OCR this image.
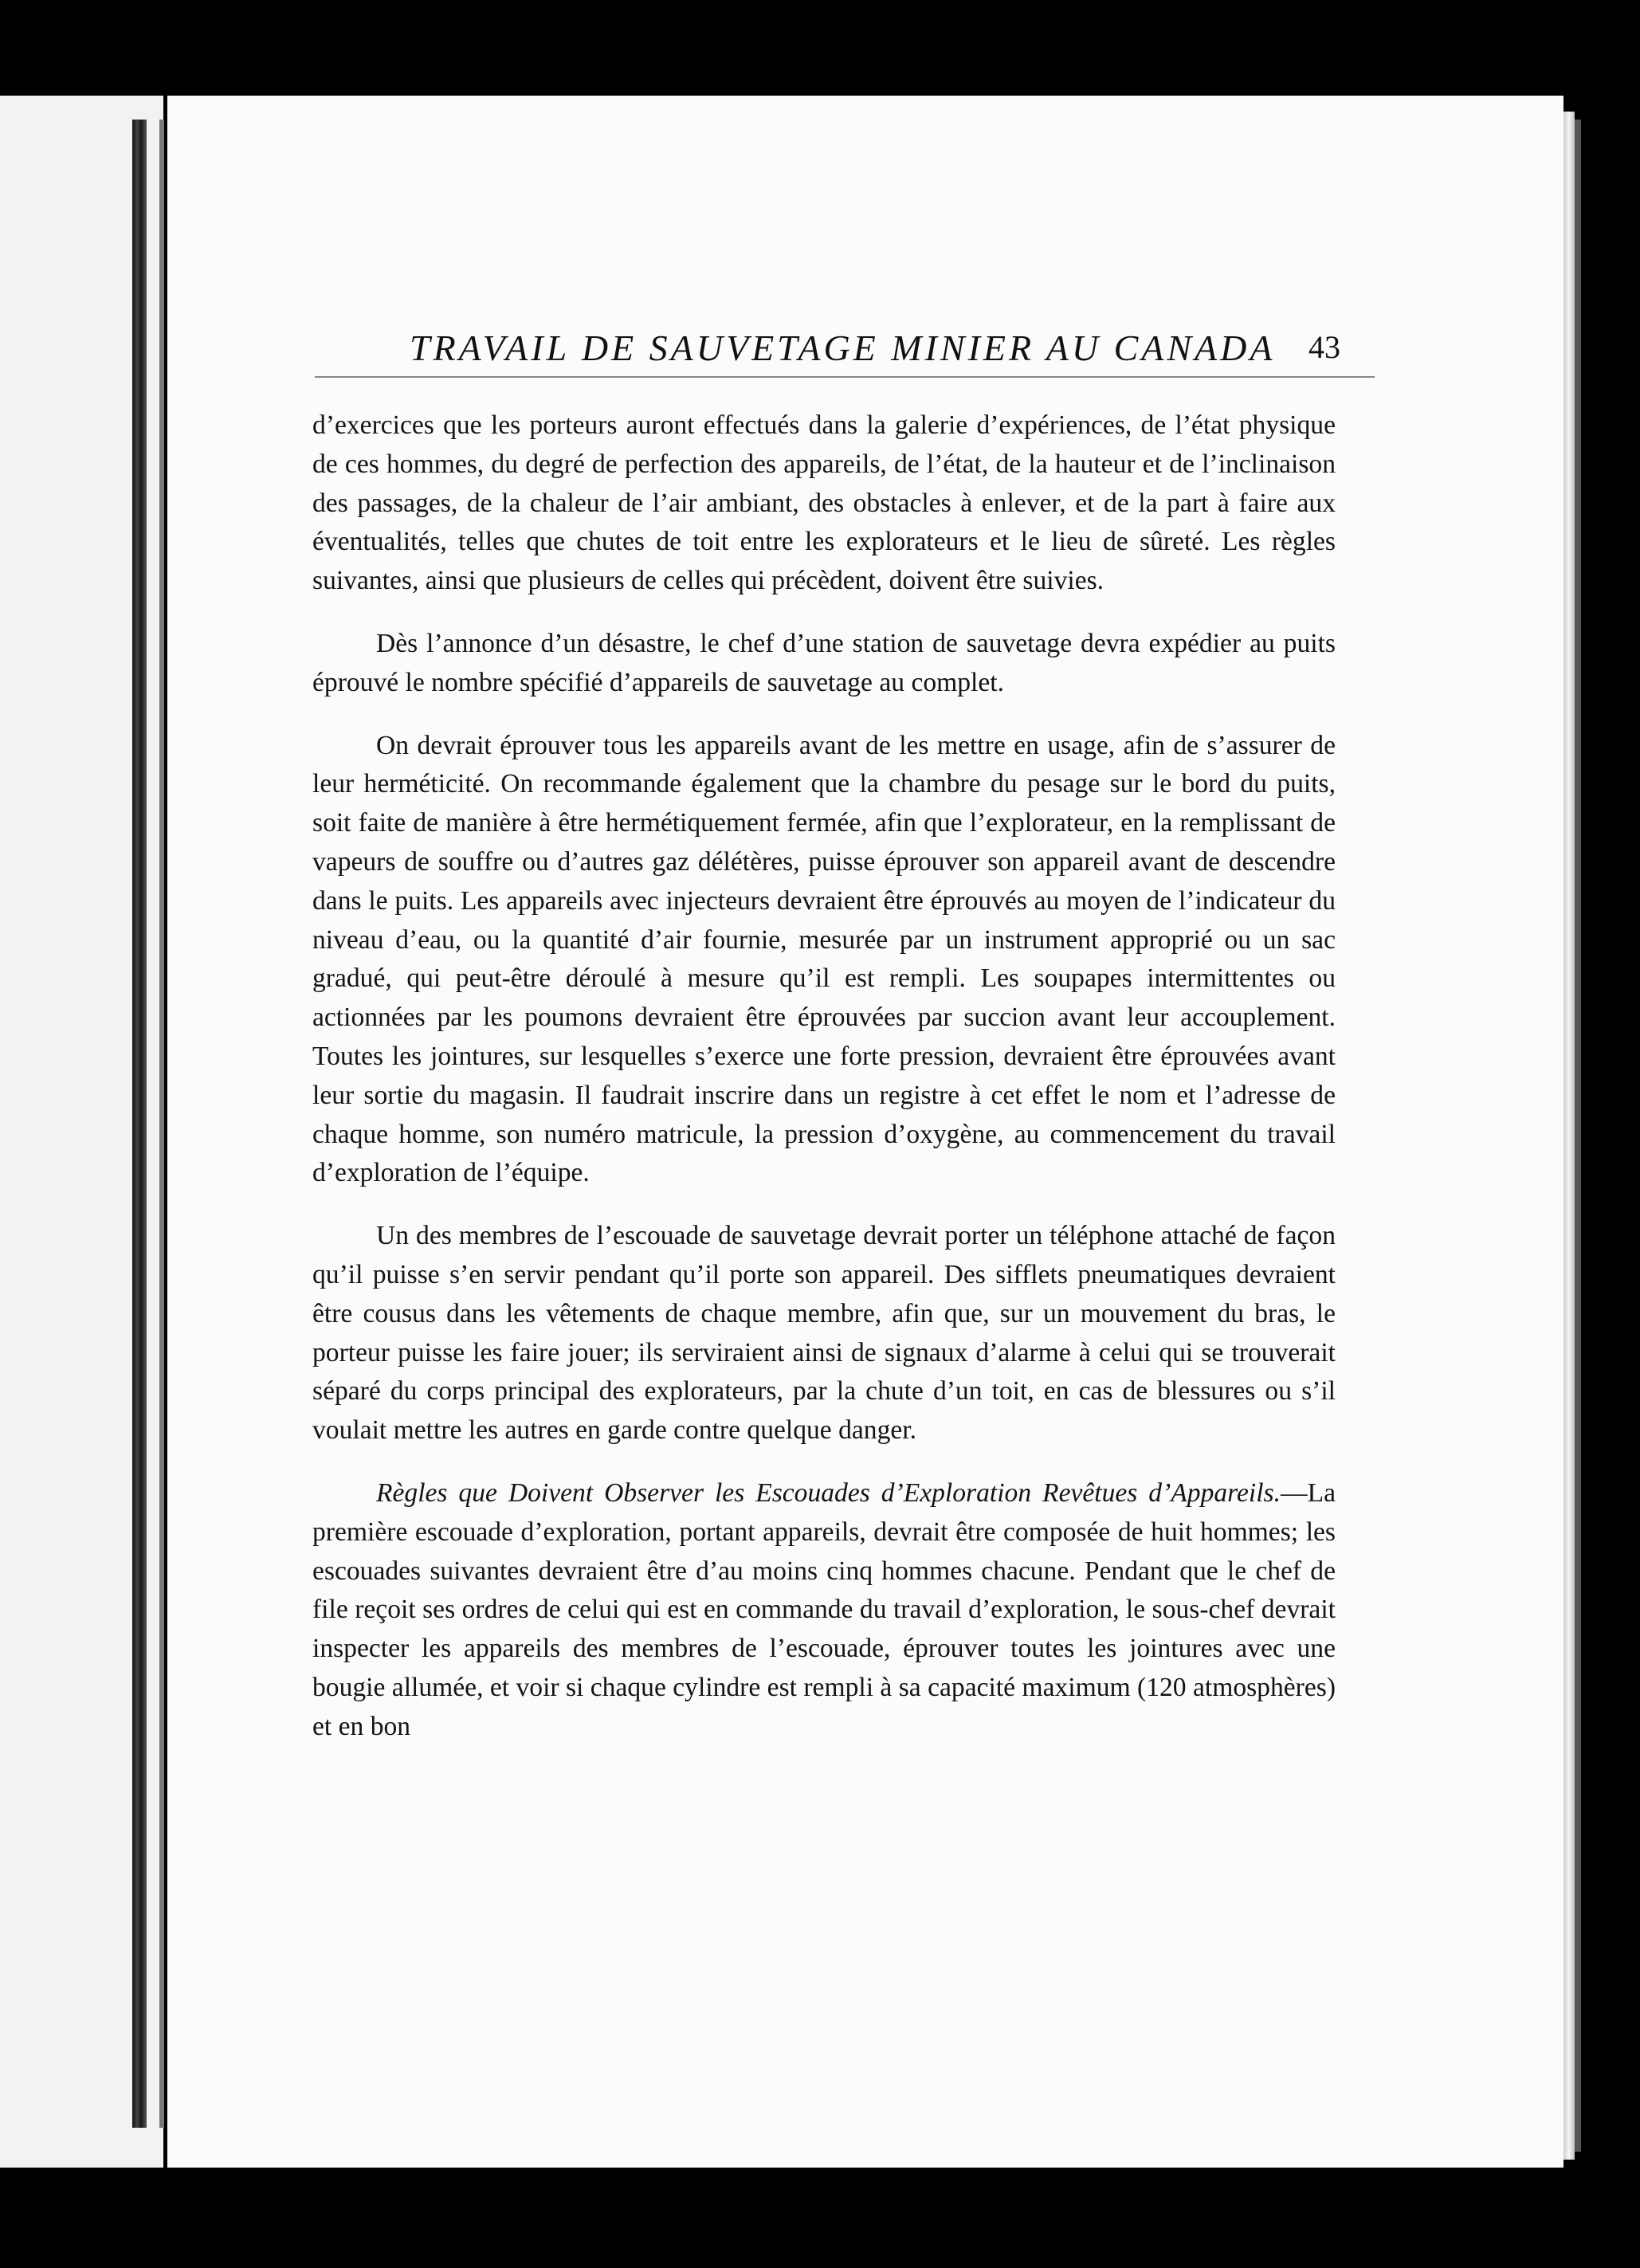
TRAVAIL DE SAUVETAGE MINIER AU CANADA 43

d’exercices que les porteurs auront effectués dans la galerie d’expériences, de l’état physique de ces hommes, du degré de perfection des appareils, de l’état, de la hauteur et de l’inclinaison des passages, de la chaleur de l’air ambiant, des obstacles à enlever, et de la part à faire aux éventualités, telles que chutes de toit entre les explorateurs et le lieu de sûreté. Les règles suivantes, ainsi que plusieurs de celles qui précèdent, doivent être suivies.

Dès l’annonce d’un désastre, le chef d’une station de sauvetage devra expédier au puits éprouvé le nombre spécifié d’appareils de sauvetage au complet.

On devrait éprouver tous les appareils avant de les mettre en usage, afin de s’assurer de leur herméticité. On recommande également que la chambre du pesage sur le bord du puits, soit faite de manière à être hermétiquement fermée, afin que l’explorateur, en la remplissant de vapeurs de souffre ou d’autres gaz délétères, puisse éprouver son appareil avant de descendre dans le puits. Les appareils avec injecteurs devraient être éprouvés au moyen de l’indicateur du niveau d’eau, ou la quantité d’air fournie, mesurée par un instrument approprié ou un sac gradué, qui peut-être déroulé à mesure qu’il est rempli. Les soupapes intermittentes ou actionnées par les poumons devraient être éprouvées par succion avant leur accouplement. Toutes les jointures, sur lesquelles s’exerce une forte pression, devraient être éprouvées avant leur sortie du magasin. Il faudrait inscrire dans un registre à cet effet le nom et l’adresse de chaque homme, son numéro matricule, la pression d’oxygène, au commencement du travail d’exploration de l’équipe.

Un des membres de l’escouade de sauvetage devrait porter un téléphone attaché de façon qu’il puisse s’en servir pendant qu’il porte son appareil. Des sifflets pneumatiques devraient être cousus dans les vêtements de chaque membre, afin que, sur un mouvement du bras, le porteur puisse les faire jouer; ils serviraient ainsi de signaux d’alarme à celui qui se trouverait séparé du corps principal des explorateurs, par la chute d’un toit, en cas de blessures ou s’il voulait mettre les autres en garde contre quelque danger.

Règles que Doivent Observer les Escouades d’Exploration Revêtues d’Appareils.—La première escouade d’exploration, portant appareils, devrait être composée de huit hommes; les escouades suivantes devraient être d’au moins cinq hommes chacune. Pendant que le chef de file reçoit ses ordres de celui qui est en commande du travail d’exploration, le sous-chef devrait inspecter les appareils des membres de l’escouade, éprouver toutes les jointures avec une bougie allumée, et voir si chaque cylindre est rempli à sa capacité maximum (120 atmosphères) et en bon
